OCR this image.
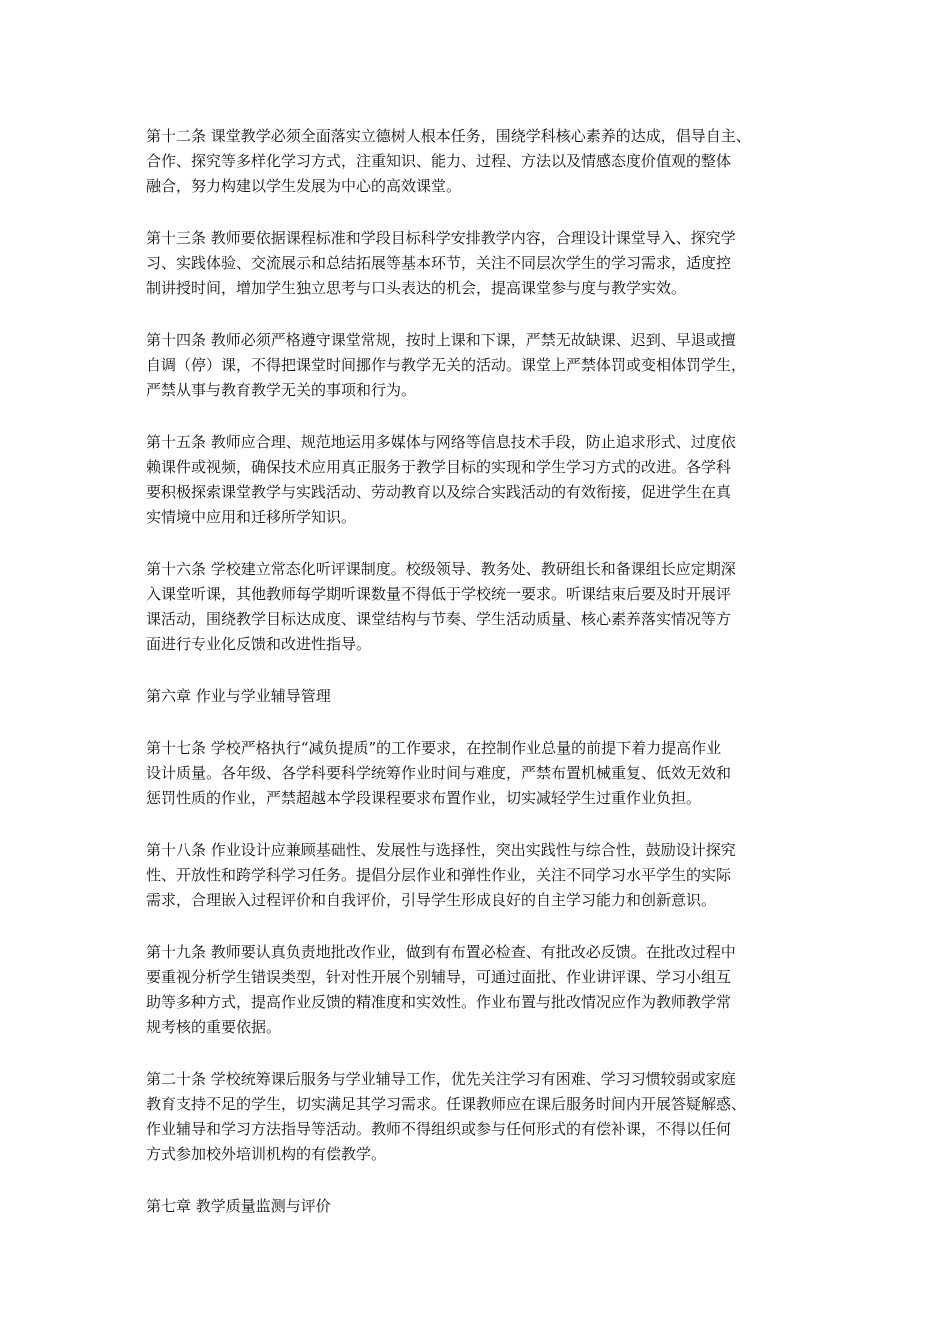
第十二条 课堂教学必须全面落实立德树人根本任务，围绕学科核心素养的达成，倡导自主、
合作、探究等多样化学习方式，注重知识、能力、过程、方法以及情感态度价值观的整体
融合，努力构建以学生发展为中心的高效课堂。

第十三条 教师要依据课程标准和学段目标科学安排教学内容，合理设计课堂导入、探究学
习、实践体验、交流展示和总结拓展等基本环节，关注不同层次学生的学习需求，适度控
制讲授时间，增加学生独立思考与口头表达的机会，提高课堂参与度与教学实效。

第十四条 教师必须严格遵守课堂常规，按时上课和下课，严禁无故缺课、迟到、早退或擅
自调（停）课，不得把课堂时间挪作与教学无关的活动。课堂上严禁体罚或变相体罚学生，
严禁从事与教育教学无关的事项和行为。

第十五条 教师应合理、规范地运用多媒体与网络等信息技术手段，防止追求形式、过度依
赖课件或视频，确保技术应用真正服务于教学目标的实现和学生学习方式的改进。各学科
要积极探索课堂教学与实践活动、劳动教育以及综合实践活动的有效衔接，促进学生在真
实情境中应用和迁移所学知识。

第十六条 学校建立常态化听评课制度。校级领导、教务处、教研组长和备课组长应定期深
入课堂听课，其他教师每学期听课数量不得低于学校统一要求。听课结束后要及时开展评
课活动，围绕教学目标达成度、课堂结构与节奏、学生活动质量、核心素养落实情况等方
面进行专业化反馈和改进性指导。

第六章 作业与学业辅导管理

第十七条 学校严格执行“减负提质”的工作要求，在控制作业总量的前提下着力提高作业
设计质量。各年级、各学科要科学统筹作业时间与难度，严禁布置机械重复、低效无效和
惩罚性质的作业，严禁超越本学段课程要求布置作业，切实减轻学生过重作业负担。

第十八条 作业设计应兼顾基础性、发展性与选择性，突出实践性与综合性，鼓励设计探究
性、开放性和跨学科学习任务。提倡分层作业和弹性作业，关注不同学习水平学生的实际
需求，合理嵌入过程评价和自我评价，引导学生形成良好的自主学习能力和创新意识。

第十九条 教师要认真负责地批改作业，做到有布置必检查、有批改必反馈。在批改过程中
要重视分析学生错误类型，针对性开展个别辅导，可通过面批、作业讲评课、学习小组互
助等多种方式，提高作业反馈的精准度和实效性。作业布置与批改情况应作为教师教学常
规考核的重要依据。

第二十条 学校统筹课后服务与学业辅导工作，优先关注学习有困难、学习习惯较弱或家庭
教育支持不足的学生，切实满足其学习需求。任课教师应在课后服务时间内开展答疑解惑、
作业辅导和学习方法指导等活动。教师不得组织或参与任何形式的有偿补课，不得以任何
方式参加校外培训机构的有偿教学。

第七章 教学质量监测与评价
